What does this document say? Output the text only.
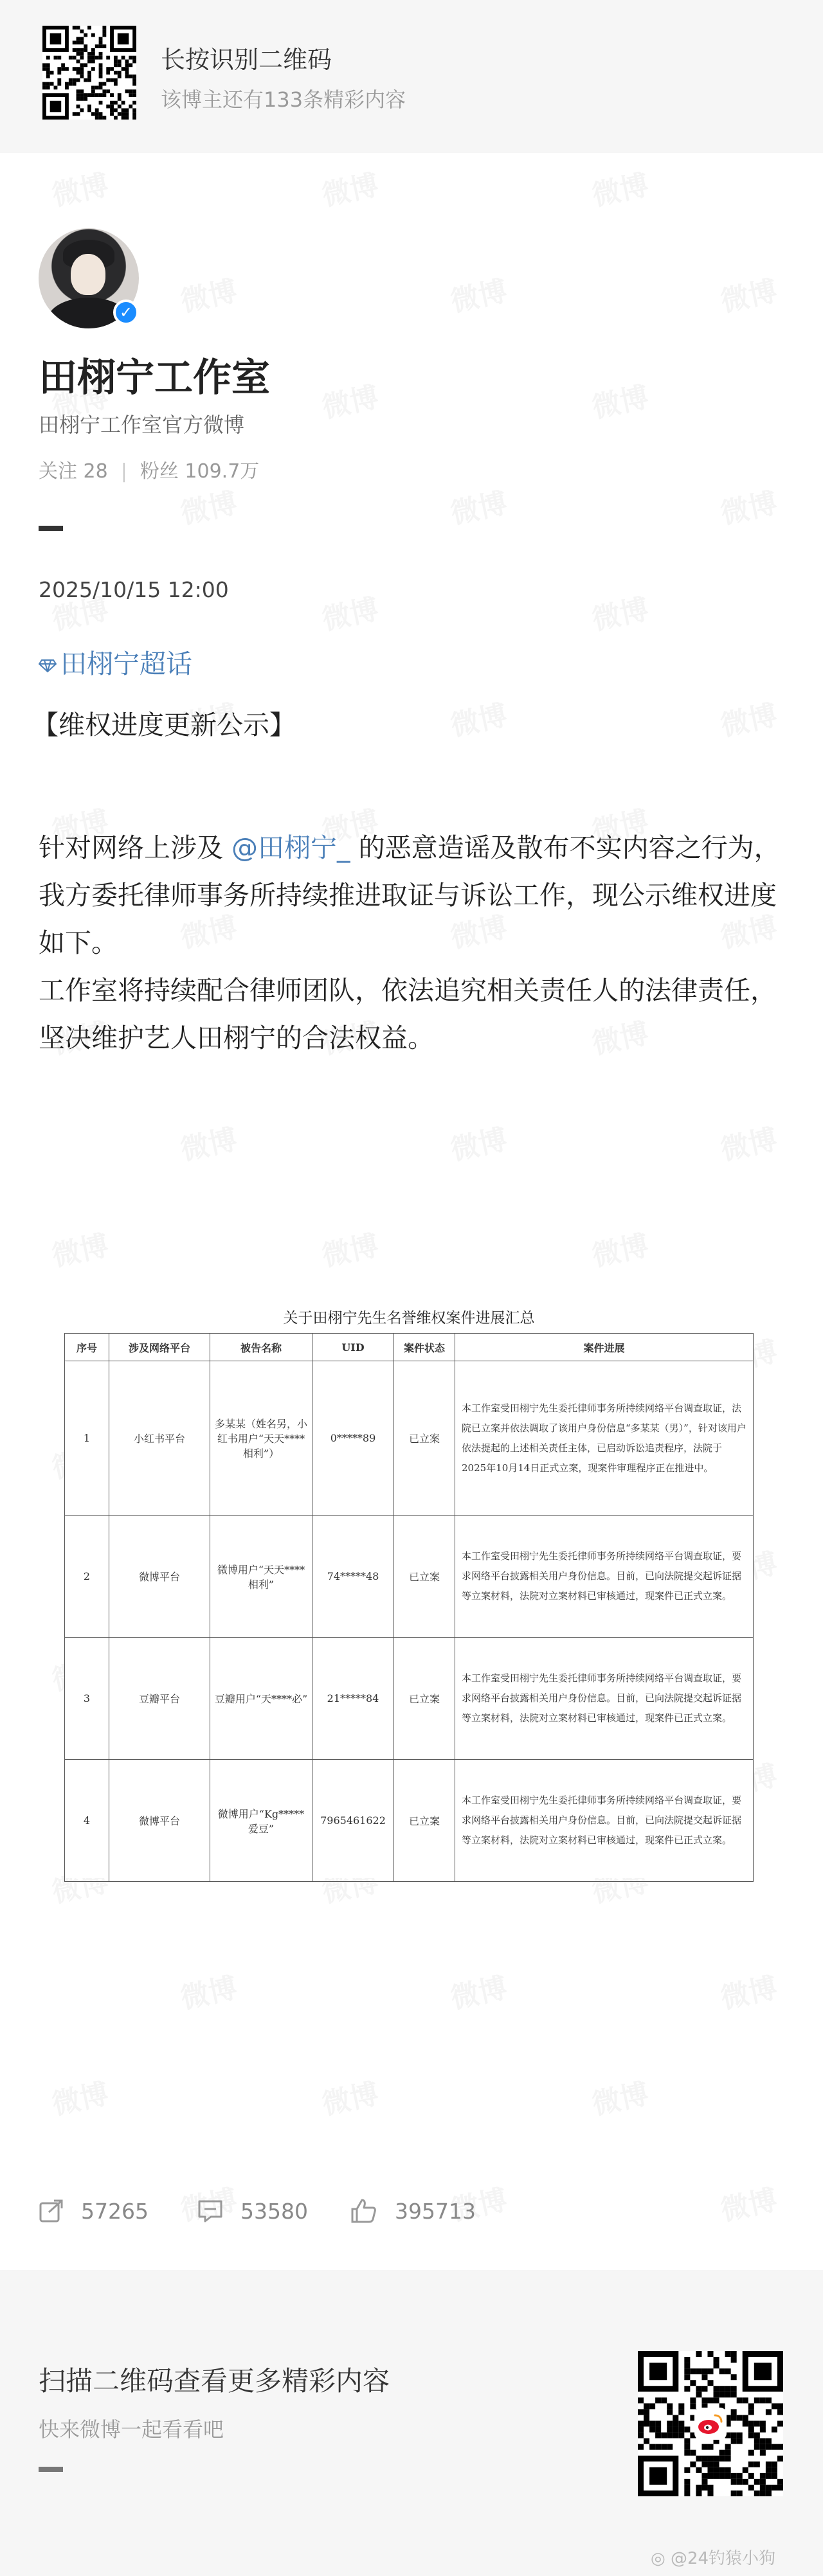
长按识别二维码
该博主还有133条精彩内容
✓
田栩宁工作室
田栩宁工作室官方微博
关注 28 | 粉丝 109.7万
2025/10/15 12:00
田栩宁超话
【维权进度更新公示】

针对网络上涉及 @田栩宁_ 的恶意造谣及散布不实内容之行为，我方委托律师事务所持续推进取证与诉讼工作，现公示维权进度如下。

工作室将持续配合律师团队，依法追究相关责任人的法律责任，坚决维护艺人田栩宁的合法权益。

关于田栩宁先生名誉维权案件进展汇总
序号	涉及网络平台	被告名称	UID	案件状态	案件进展
1	小红书平台	多某某（姓名另，小红书用户“天天****相利”）	0*****89	已立案	本工作室受田栩宁先生委托律师事务所持续网络平台调查取证，法院已立案并依法调取了该用户身份信息“多某某（男）”，针对该用户依法提起的上述相关责任主体，已启动诉讼追责程序，法院于2025年10月14日正式立案，现案件审理程序正在推进中。
2	微博平台	微博用户“天天****相利”	74*****48	已立案	本工作室受田栩宁先生委托律师事务所持续网络平台调查取证，要求网络平台披露相关用户身份信息。目前，已向法院提交起诉证据等立案材料，法院对立案材料已审核通过，现案件已正式立案。
3	豆瓣平台	豆瓣用户“天****必”	21*****84	已立案	本工作室受田栩宁先生委托律师事务所持续网络平台调查取证，要求网络平台披露相关用户身份信息。目前，已向法院提交起诉证据等立案材料，法院对立案材料已审核通过，现案件已正式立案。
4	微博平台	微博用户“Kg*****爱豆”	7965461622	已立案	本工作室受田栩宁先生委托律师事务所持续网络平台调查取证，要求网络平台披露相关用户身份信息。目前，已向法院提交起诉证据等立案材料，法院对立案材料已审核通过，现案件已正式立案。
57265	53580	395713
扫描二维码查看更多精彩内容
快来微博一起看看吧
◎ @24钓猿小狗
